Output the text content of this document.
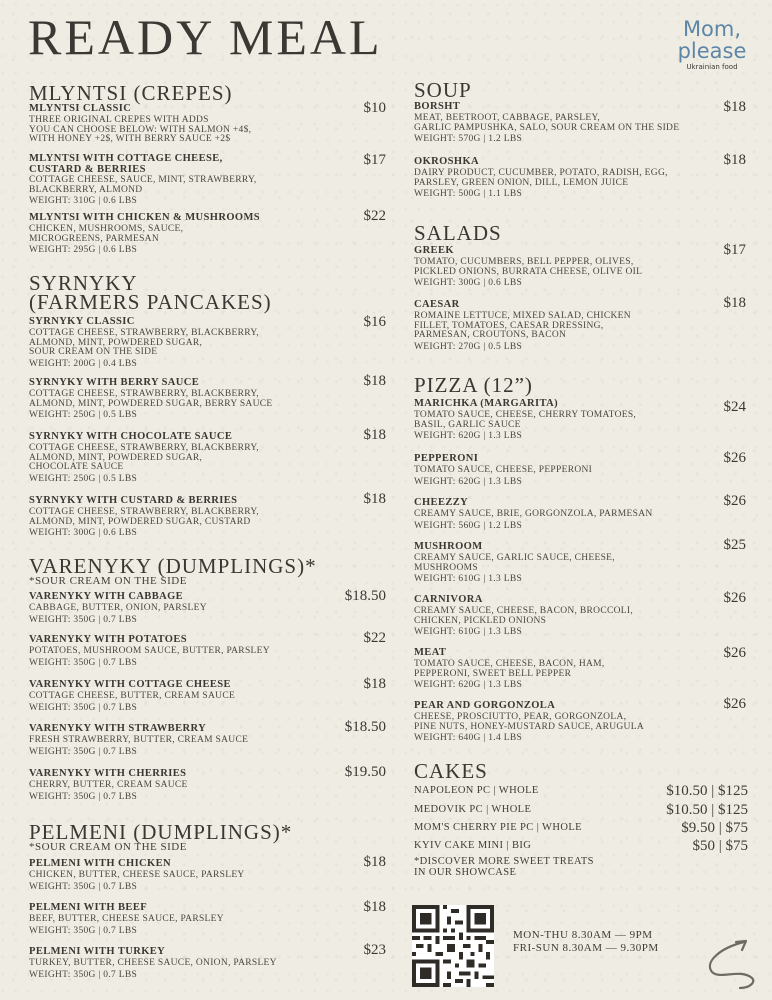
READY MEAL	Mom,
please
Ukrainian food
MLYNTSI (CREPES)
MLYNTSI CLASSIC
THREE ORIGINAL CREPES WITH ADDS
YOU CAN CHOOSE BELOW: WITH SALMON +4$,
WITH HONEY +2$, WITH BERRY SAUCE +2$
$10
MLYNTSI WITH COTTAGE CHEESE,
CUSTARD & BERRIES
COTTAGE CHEESE, SAUCE, MINT, STRAWBERRY,
BLACKBERRY, ALMOND
WEIGHT: 310G | 0.6 LBS
$17
MLYNTSI WITH CHICKEN & MUSHROOMS
CHICKEN, MUSHROOMS, SAUCE,
MICROGREENS, PARMESAN
WEIGHT: 295G | 0.6 LBS
$22
SYRNYKY
(FARMERS PANCAKES)
SYRNYKY CLASSIC
COTTAGE CHEESE, STRAWBERRY, BLACKBERRY,
ALMOND, MINT, POWDERED SUGAR,
SOUR CREAM ON THE SIDE
WEIGHT: 200G | 0.4 LBS
$16
SYRNYKY WITH BERRY SAUCE
COTTAGE CHEESE, STRAWBERRY, BLACKBERRY,
ALMOND, MINT, POWDERED SUGAR, BERRY SAUCE
WEIGHT: 250G | 0.5 LBS
$18
SYRNYKY WITH CHOCOLATE SAUCE
COTTAGE CHEESE, STRAWBERRY, BLACKBERRY,
ALMOND, MINT, POWDERED SUGAR,
CHOCOLATE SAUCE
WEIGHT: 250G | 0.5 LBS
$18
SYRNYKY WITH CUSTARD & BERRIES
COTTAGE CHEESE, STRAWBERRY, BLACKBERRY,
ALMOND, MINT, POWDERED SUGAR, CUSTARD
WEIGHT: 300G | 0.6 LBS
$18
VARENYKY (DUMPLINGS)*
*SOUR CREAM ON THE SIDE
VARENYKY WITH CABBAGE
CABBAGE, BUTTER, ONION, PARSLEY
WEIGHT: 350G | 0.7 LBS
$18.50
VARENYKY WITH POTATOES
POTATOES, MUSHROOM SAUCE, BUTTER, PARSLEY
WEIGHT: 350G | 0.7 LBS
$22
VARENYKY WITH COTTAGE CHEESE
COTTAGE CHEESE, BUTTER, CREAM SAUCE
WEIGHT: 350G | 0.7 LBS
$18
VARENYKY WITH STRAWBERRY
FRESH STRAWBERRY, BUTTER, CREAM SAUCE
WEIGHT: 350G | 0.7 LBS
$18.50
VARENYKY WITH CHERRIES
CHERRY, BUTTER, CREAM SAUCE
WEIGHT: 350G | 0.7 LBS
$19.50
PELMENI (DUMPLINGS)*
*SOUR CREAM ON THE SIDE
PELMENI WITH CHICKEN
CHICKEN, BUTTER, CHEESE SAUCE, PARSLEY
WEIGHT: 350G | 0.7 LBS
$18
PELMENI WITH BEEF
BEEF, BUTTER, CHEESE SAUCE, PARSLEY
WEIGHT: 350G | 0.7 LBS
$18
PELMENI WITH TURKEY
TURKEY, BUTTER, CHEESE SAUCE, ONION, PARSLEY
WEIGHT: 350G | 0.7 LBS
$23
SOUP
BORSHT
MEAT, BEETROOT, CABBAGE, PARSLEY,
GARLIC PAMPUSHKA, SALO, SOUR CREAM ON THE SIDE
WEIGHT: 570G | 1.2 LBS
$18
OKROSHKA
DAIRY PRODUCT, CUCUMBER, POTATO, RADISH, EGG,
PARSLEY, GREEN ONION, DILL, LEMON JUICE
WEIGHT: 500G | 1.1 LBS
$18
SALADS
GREEK
TOMATO, CUCUMBERS, BELL PEPPER, OLIVES,
PICKLED ONIONS, BURRATA CHEESE, OLIVE OIL
WEIGHT: 300G | 0.6 LBS
$17
CAESAR
ROMAINE LETTUCE, MIXED SALAD, CHICKEN
FILLET, TOMATOES, CAESAR DRESSING,
PARMESAN, CROUTONS, BACON
WEIGHT: 270G | 0.5 LBS
$18
PIZZA (12”)
MARICHKA (MARGARITA)
TOMATO SAUCE, CHEESE, CHERRY TOMATOES,
BASIL, GARLIC SAUCE
WEIGHT: 620G | 1.3 LBS
$24
PEPPERONI
TOMATO SAUCE, CHEESE, PEPPERONI
WEIGHT: 620G | 1.3 LBS
$26
CHEEZZY
CREAMY SAUCE, BRIE, GORGONZOLA, PARMESAN
WEIGHT: 560G | 1.2 LBS
$26
MUSHROOM
CREAMY SAUCE, GARLIC SAUCE, CHEESE,
MUSHROOMS
WEIGHT: 610G | 1.3 LBS
$25
CARNIVORA
CREAMY SAUCE, CHEESE, BACON, BROCCOLI,
CHICKEN, PICKLED ONIONS
WEIGHT: 610G | 1.3 LBS
$26
MEAT
TOMATO SAUCE, CHEESE, BACON, HAM,
PEPPERONI, SWEET BELL PEPPER
WEIGHT: 620G | 1.3 LBS
$26
PEAR AND GORGONZOLA
CHEESE, PROSCIUTTO, PEAR, GORGONZOLA,
PINE NUTS, HONEY-MUSTARD SAUCE, ARUGULA
WEIGHT: 640G | 1.4 LBS
$26
CAKES
NAPOLEON PC | WHOLE	$10.50 | $125
MEDOVIK PC | WHOLE	$10.50 | $125
MOM'S CHERRY PIE PC | WHOLE	$9.50 | $75
KYIV CAKE MINI | BIG	$50 | $75
*DISCOVER MORE SWEET TREATS
IN OUR SHOWCASE
MON-THU 8.30AM — 9PM
FRI-SUN 8.30AM — 9.30PM
